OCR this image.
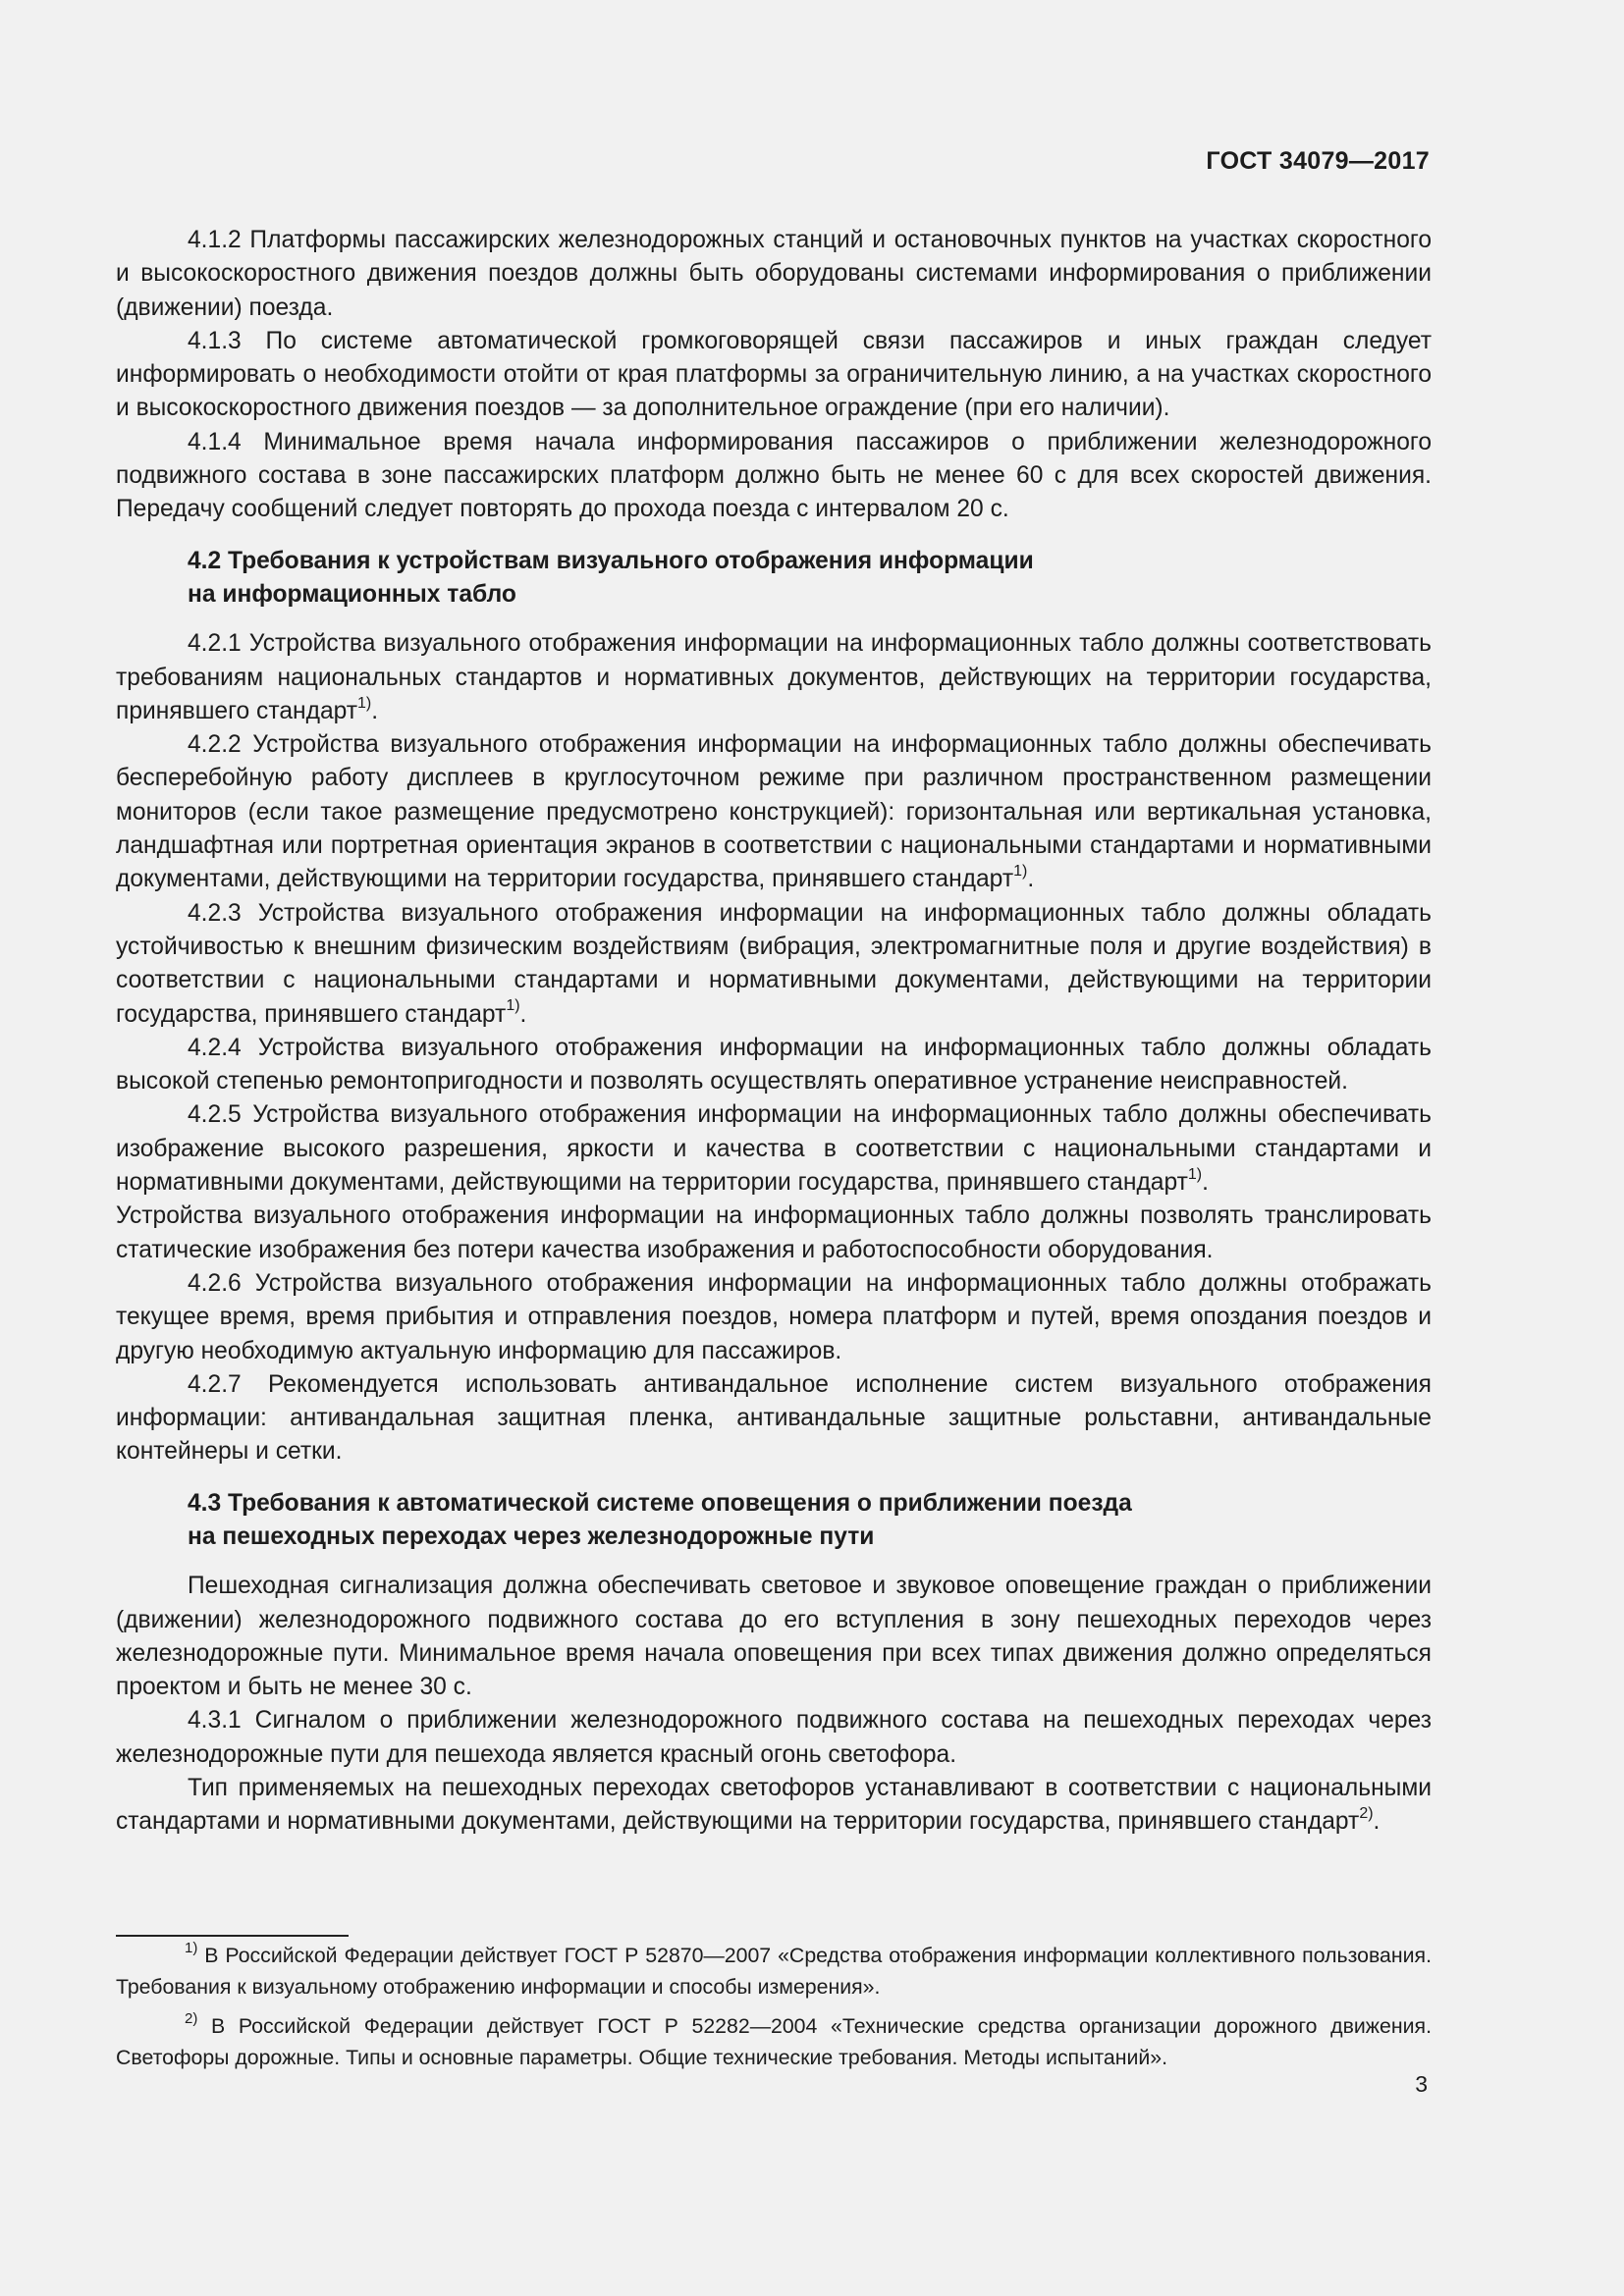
ГОСТ 34079—2017

4.1.2 Платформы пассажирских железнодорожных станций и остановочных пунктов на участках скоростного и высокоскоростного движения поездов должны быть оборудованы системами информирования о приближении (движении) поезда.

4.1.3 По системе автоматической громкоговорящей связи пассажиров и иных граждан следует информировать о необходимости отойти от края платформы за ограничительную линию, а на участках скоростного и высокоскоростного движения поездов — за дополнительное ограждение (при его наличии).

4.1.4 Минимальное время начала информирования пассажиров о приближении железнодорожного подвижного состава в зоне пассажирских платформ должно быть не менее 60 с для всех скоростей движения. Передачу сообщений следует повторять до прохода поезда с интервалом 20 с.

4.2 Требования к устройствам визуального отображения информации
на информационных табло

4.2.1 Устройства визуального отображения информации на информационных табло должны соответствовать требованиям национальных стандартов и нормативных документов, действующих на территории государства, принявшего стандарт$^{1)}$.

4.2.2 Устройства визуального отображения информации на информационных табло должны обеспечивать бесперебойную работу дисплеев в круглосуточном режиме при различном пространственном размещении мониторов (если такое размещение предусмотрено конструкцией): горизонтальная или вертикальная установка, ландшафтная или портретная ориентация экранов в соответствии с национальными стандартами и нормативными документами, действующими на территории государства, принявшего стандарт$^{1)}$.

4.2.3 Устройства визуального отображения информации на информационных табло должны обладать устойчивостью к внешним физическим воздействиям (вибрация, электромагнитные поля и другие воздействия) в соответствии с национальными стандартами и нормативными документами, действующими на территории государства, принявшего стандарт$^{1)}$.

4.2.4 Устройства визуального отображения информации на информационных табло должны обладать высокой степенью ремонтопригодности и позволять осуществлять оперативное устранение неисправностей.

4.2.5 Устройства визуального отображения информации на информационных табло должны обеспечивать изображение высокого разрешения, яркости и качества в соответствии с национальными стандартами и нормативными документами, действующими на территории государства, принявшего стандарт$^{1)}$.

Устройства визуального отображения информации на информационных табло должны позволять транслировать статические изображения без потери качества изображения и работоспособности оборудования.

4.2.6 Устройства визуального отображения информации на информационных табло должны отображать текущее время, время прибытия и отправления поездов, номера платформ и путей, время опоздания поездов и другую необходимую актуальную информацию для пассажиров.

4.2.7 Рекомендуется использовать антивандальное исполнение систем визуального отображения информации: антивандальная защитная пленка, антивандальные защитные рольставни, антивандальные контейнеры и сетки.

4.3 Требования к автоматической системе оповещения о приближении поезда
на пешеходных переходах через железнодорожные пути

Пешеходная сигнализация должна обеспечивать световое и звуковое оповещение граждан о приближении (движении) железнодорожного подвижного состава до его вступления в зону пешеходных переходов через железнодорожные пути. Минимальное время начала оповещения при всех типах движения должно определяться проектом и быть не менее 30 с.

4.3.1 Сигналом о приближении железнодорожного подвижного состава на пешеходных переходах через железнодорожные пути для пешехода является красный огонь светофора.

Тип применяемых на пешеходных переходах светофоров устанавливают в соответствии с национальными стандартами и нормативными документами, действующими на территории государства, принявшего стандарт$^{2)}$.

$^{1)}$ В Российской Федерации действует ГОСТ Р 52870—2007 «Средства отображения информации коллективного пользования. Требования к визуальному отображению информации и способы измерения».

$^{2)}$ В Российской Федерации действует ГОСТ Р 52282—2004 «Технические средства организации дорожного движения. Светофоры дорожные. Типы и основные параметры. Общие технические требования. Методы испытаний».

3
